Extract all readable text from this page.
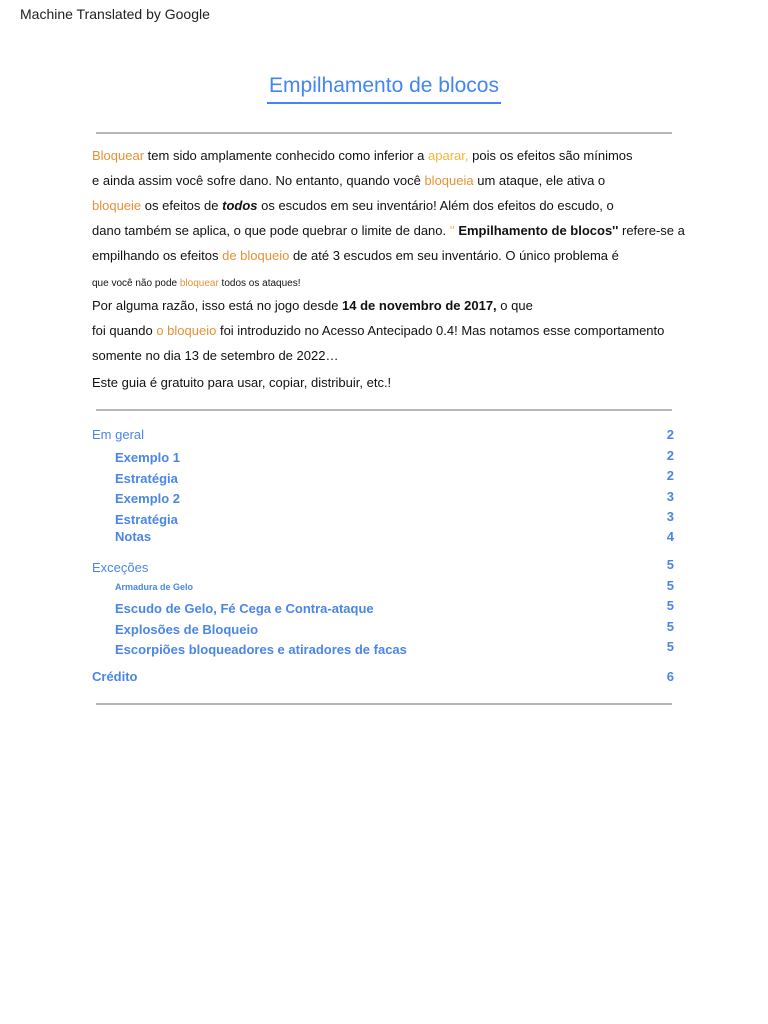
Machine Translated by Google
Empilhamento de blocos
Bloquear tem sido amplamente conhecido como inferior a aparar, pois os efeitos são mínimos
e ainda assim você sofre dano. No entanto, quando você bloqueia um ataque, ele ativa o
bloqueie os efeitos de todos os escudos em seu inventário! Além dos efeitos do escudo, o
dano também se aplica, o que pode quebrar o limite de dano. '' Empilhamento de blocos'' refere-se a
empilhando os efeitos de bloqueio de até 3 escudos em seu inventário. O único problema é
que você não pode bloquear todos os ataques!
Por alguma razão, isso está no jogo desde 14 de novembro de 2017, o que
foi quando o bloqueio foi introduzido no Acesso Antecipado 0.4! Mas notamos esse comportamento
somente no dia 13 de setembro de 2022…
Este guia é gratuito para usar, copiar, distribuir, etc.!
Em geral	2
Exemplo 1	2
Estratégia	2
Exemplo 2	3
Estratégia	3
Notas	4
Exceções	5
Armadura de Gelo	5
Escudo de Gelo, Fé Cega e Contra-ataque	5
Explosões de Bloqueio	5
Escorpiões bloqueadores e atiradores de facas	5
Crédito	6
